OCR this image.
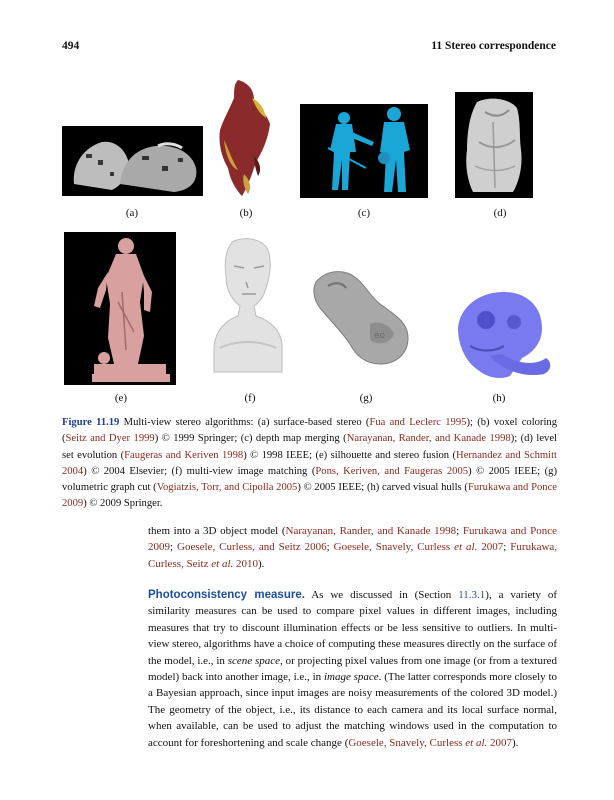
494	11 Stereo correspondence
(a)	(b)	(c)	(d)
(e)	(f)
eo
(g)	(h)
Figure 11.19 Multi-view stereo algorithms: (a) surface-based stereo (Fua and Leclerc 1995); (b) voxel coloring (Seitz and Dyer 1999) © 1999 Springer; (c) depth map merging (Narayanan, Rander, and Kanade 1998); (d) level set evolution (Faugeras and Keriven 1998) © 1998 IEEE; (e) silhouette and stereo fusion (Hernandez and Schmitt 2004) © 2004 Elsevier; (f) multi-view image matching (Pons, Keriven, and Faugeras 2005) © 2005 IEEE; (g) volumetric graph cut (Vogiatzis, Torr, and Cipolla 2005) © 2005 IEEE; (h) carved visual hulls (Furukawa and Ponce 2009) © 2009 Springer.
them into a 3D object model (Narayanan, Rander, and Kanade 1998; Furukawa and Ponce 2009; Goesele, Curless, and Seitz 2006; Goesele, Snavely, Curless et al. 2007; Furukawa, Curless, Seitz et al. 2010).
Photoconsistency measure. As we discussed in (Section 11.3.1), a variety of similarity measures can be used to compare pixel values in different images, including measures that try to discount illumination effects or be less sensitive to outliers. In multi-view stereo, algorithms have a choice of computing these measures directly on the surface of the model, i.e., in scene space, or projecting pixel values from one image (or from a textured model) back into another image, i.e., in image space. (The latter corresponds more closely to a Bayesian approach, since input images are noisy measurements of the colored 3D model.) The geometry of the object, i.e., its distance to each camera and its local surface normal, when available, can be used to adjust the matching windows used in the computation to account for foreshortening and scale change (Goesele, Snavely, Curless et al. 2007).
